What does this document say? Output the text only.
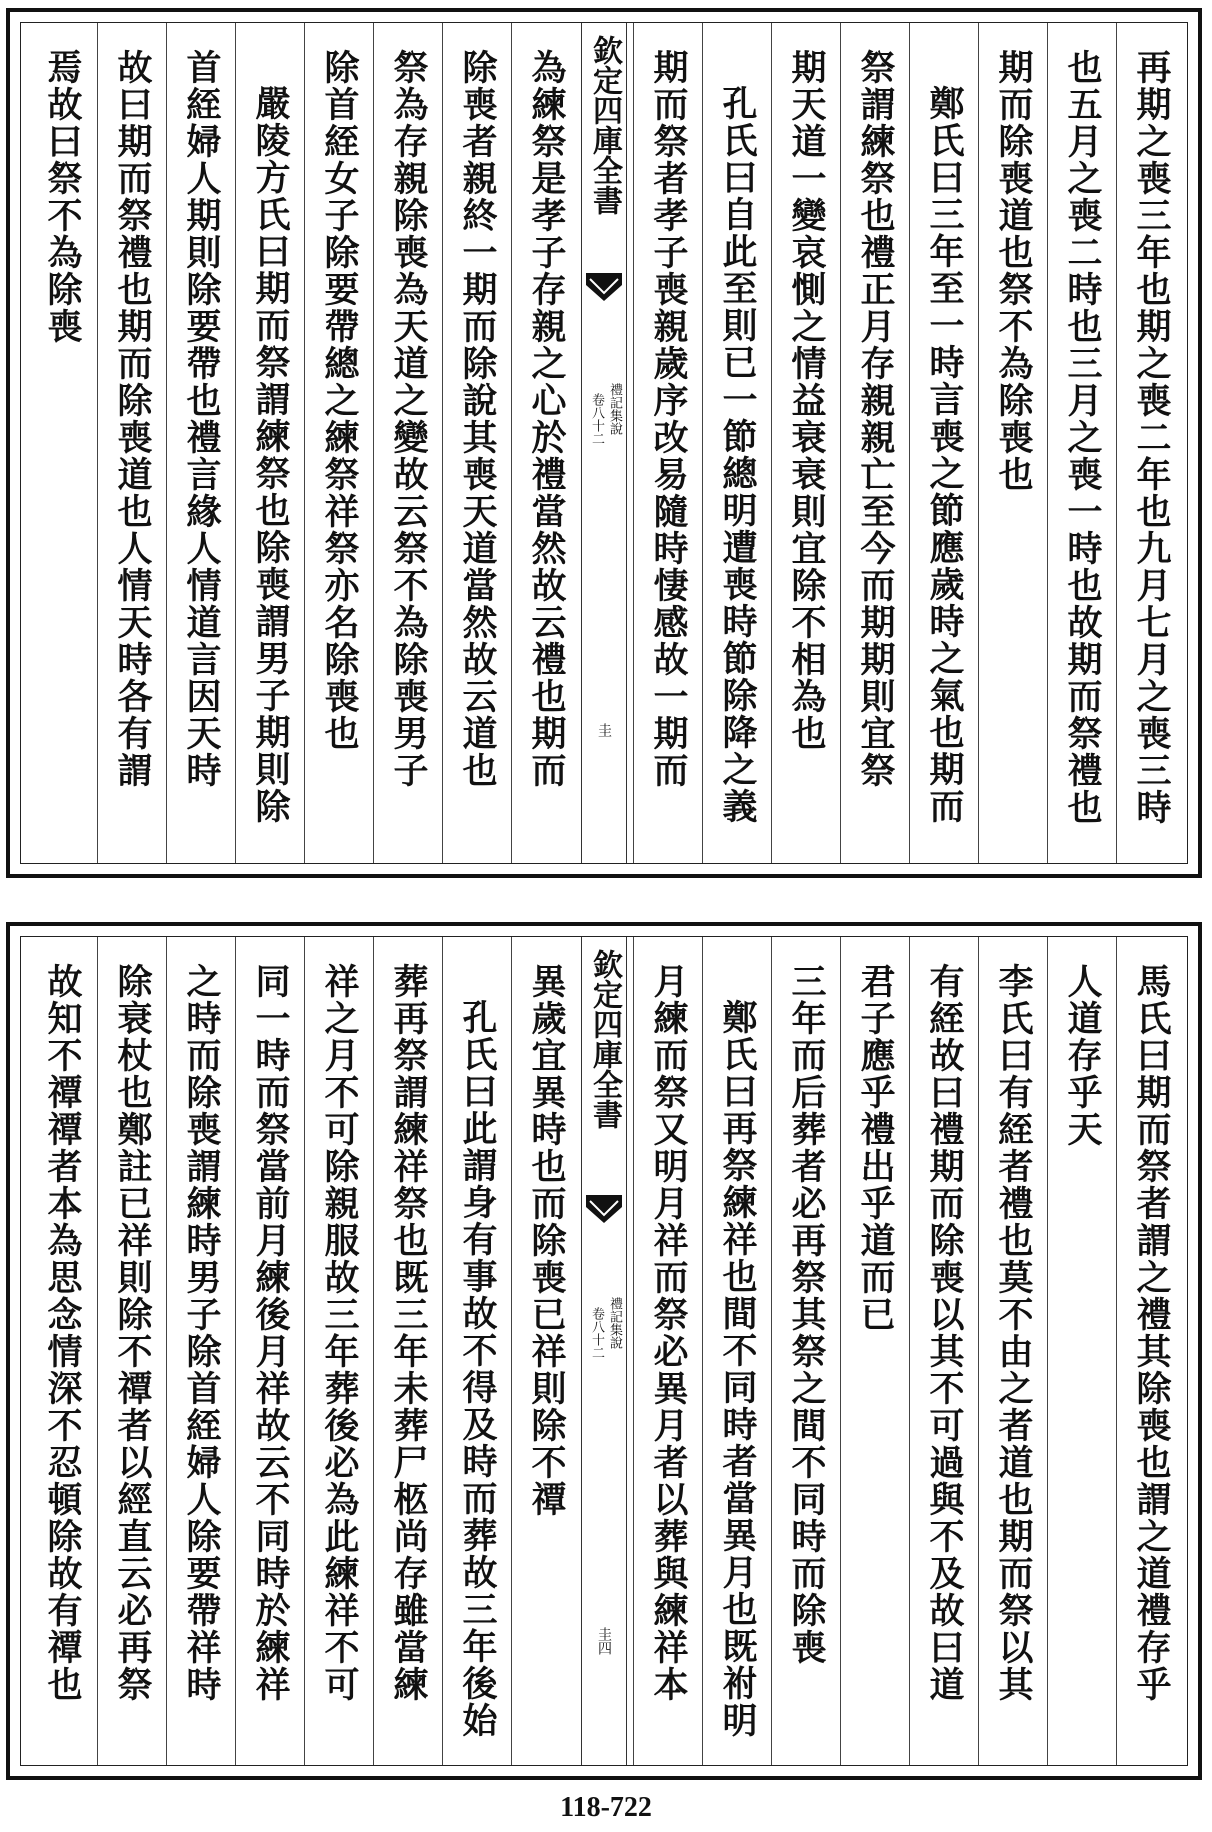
再期之喪三年也期之喪二年也九月七月之喪三時
也五月之喪二時也三月之喪一時也故期而祭禮也
期而除喪道也祭不為除喪也
鄭氏曰三年至一時言喪之節應歲時之氣也期而
祭謂練祭也禮正月存親親亡至今而期期則宜祭
期天道一變哀惻之情益衰衰則宜除不相為也
孔氏曰自此至則已一節總明遭喪時節除降之義
期而祭者孝子喪親歲序改易隨時悽感故一期而
欽定四庫全書
禮記集說
卷八十二
圭
為練祭是孝子存親之心於禮當然故云禮也期而
除喪者親終一期而除說其喪天道當然故云道也
祭為存親除喪為天道之變故云祭不為除喪男子
除首絰女子除要帶總之練祭祥祭亦名除喪也
嚴陵方氏曰期而祭謂練祭也除喪謂男子期則除
首絰婦人期則除要帶也禮言緣人情道言因天時
故曰期而祭禮也期而除喪道也人情天時各有謂
焉故曰祭不為除喪
馬氏曰期而祭者謂之禮其除喪也謂之道禮存乎
人道存乎天
李氏曰有絰者禮也莫不由之者道也期而祭以其
有絰故曰禮期而除喪以其不可過與不及故曰道
君子應乎禮出乎道而已
三年而后葬者必再祭其祭之間不同時而除喪
鄭氏曰再祭練祥也間不同時者當異月也既祔明
月練而祭又明月祥而祭必異月者以葬與練祥本
欽定四庫全書
禮記集說
卷八十二
圭四
異歲宜異時也而除喪已祥則除不禫
孔氏曰此謂身有事故不得及時而葬故三年後始
葬再祭謂練祥祭也既三年未葬尸柩尚存雖當練
祥之月不可除親服故三年葬後必為此練祥不可
同一時而祭當前月練後月祥故云不同時於練祥
之時而除喪謂練時男子除首絰婦人除要帶祥時
除衰杖也鄭註已祥則除不禫者以經直云必再祭
故知不禫禫者本為思念情深不忍頓除故有禫也
118-722
